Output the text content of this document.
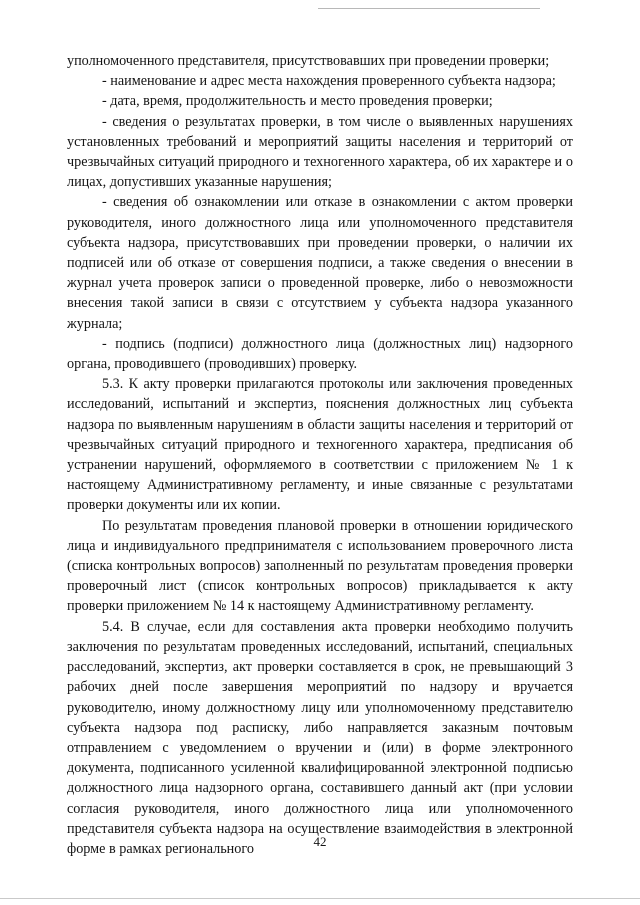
уполномоченного представителя, присутствовавших при проведении проверки;

- наименование и адрес места нахождения проверенного субъекта надзора;

- дата, время, продолжительность и место проведения проверки;

- сведения о результатах проверки, в том числе о выявленных нарушениях установленных требований и мероприятий защиты населения и территорий от чрезвычайных ситуаций природного и техногенного характера, об их характере и о лицах, допустивших указанные нарушения;

- сведения об ознакомлении или отказе в ознакомлении с актом проверки руководителя, иного должностного лица или уполномоченного представителя субъекта надзора, присутствовавших при проведении проверки, о наличии их подписей или об отказе от совершения подписи, а также сведения о внесении в журнал учета проверок записи о проведенной проверке, либо о невозможности внесения такой записи в связи с отсутствием у субъекта надзора указанного журнала;

- подпись (подписи) должностного лица (должностных лиц) надзорного органа, проводившего (проводивших) проверку.

5.3. К акту проверки прилагаются протоколы или заключения проведенных исследований, испытаний и экспертиз, пояснения должностных лиц субъекта надзора по выявленным нарушениям в области защиты населения и территорий от чрезвычайных ситуаций природного и техногенного характера, предписания об устранении нарушений, оформляемого в соответствии с приложением № 1 к настоящему Административному регламенту, и иные связанные с результатами проверки документы или их копии.

По результатам проведения плановой проверки в отношении юридического лица и индивидуального предпринимателя с использованием проверочного листа (списка контрольных вопросов) заполненный по результатам проведения проверки проверочный лист (список контрольных вопросов) прикладывается к акту проверки приложением № 14 к настоящему Административному регламенту.

5.4. В случае, если для составления акта проверки необходимо получить заключения по результатам проведенных исследований, испытаний, специальных расследований, экспертиз, акт проверки составляется в срок, не превышающий 3 рабочих дней после завершения мероприятий по надзору и вручается руководителю, иному должностному лицу или уполномоченному представителю субъекта надзора под расписку, либо направляется заказным почтовым отправлением с уведомлением о вручении и (или) в форме электронного документа, подписанного усиленной квалифицированной электронной подписью должностного лица надзорного органа, составившего данный акт (при условии согласия руководителя, иного должностного лица или уполномоченного представителя субъекта надзора на осуществление взаимодействия в электронной форме в рамках регионального	42
